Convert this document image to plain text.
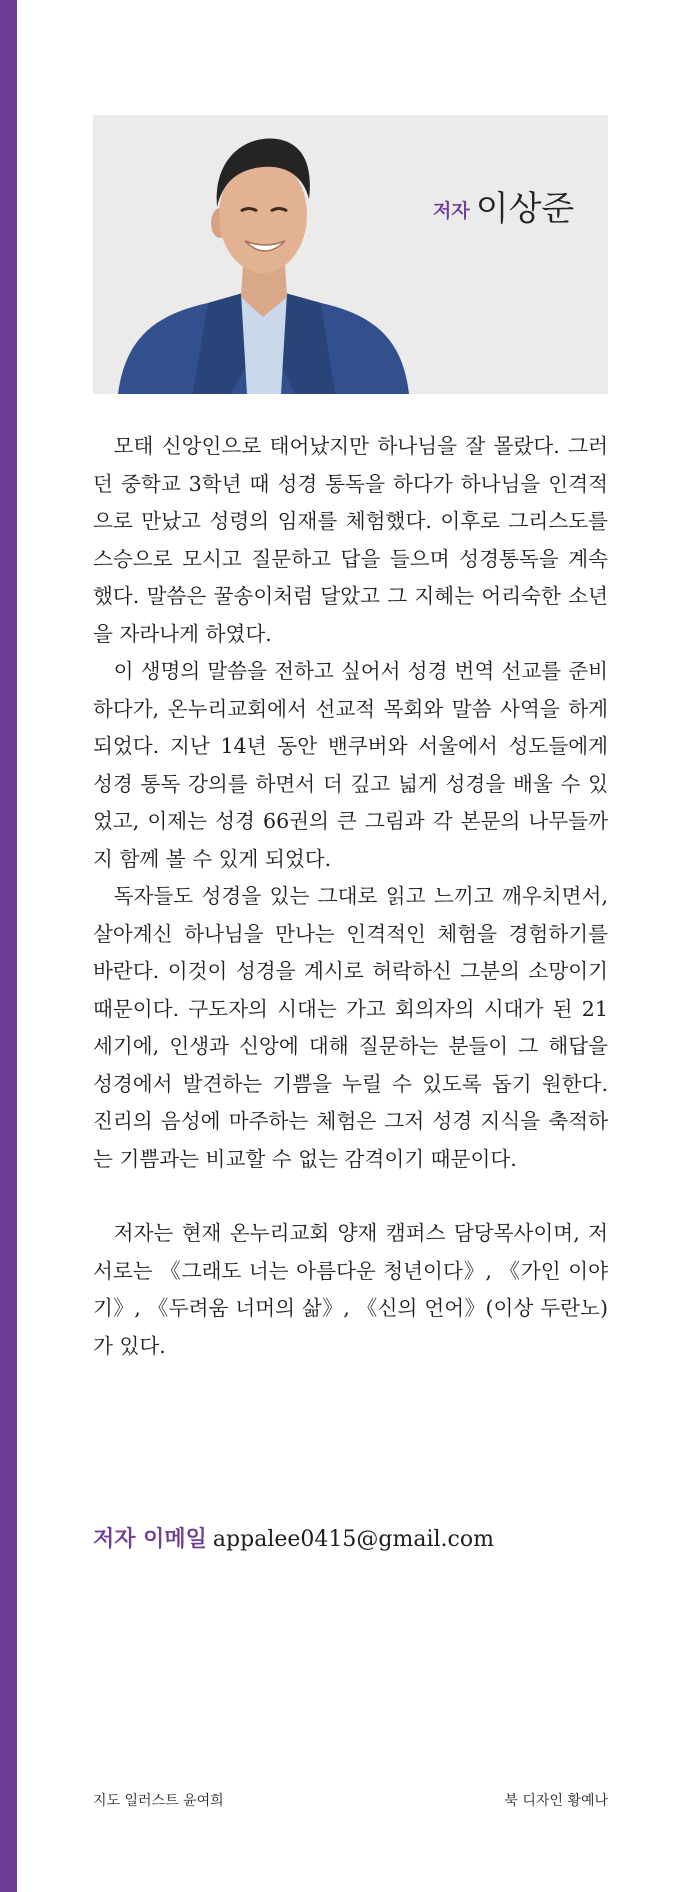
저자 이상준

모태 신앙인으로 태어났지만 하나님을 잘 몰랐다. 그러던 중학교 3학년 때 성경 통독을 하다가 하나님을 인격적으로 만났고 성령의 임재를 체험했다. 이후로 그리스도를 스승으로 모시고 질문하고 답을 들으며 성경통독을 계속했다. 말씀은 꿀송이처럼 달았고 그 지혜는 어리숙한 소년을 자라나게 하였다.

이 생명의 말씀을 전하고 싶어서 성경 번역 선교를 준비하다가, 온누리교회에서 선교적 목회와 말씀 사역을 하게 되었다. 지난 14년 동안 밴쿠버와 서울에서 성도들에게 성경 통독 강의를 하면서 더 깊고 넓게 성경을 배울 수 있었고, 이제는 성경 66권의 큰 그림과 각 본문의 나무들까지 함께 볼 수 있게 되었다.

독자들도 성경을 있는 그대로 읽고 느끼고 깨우치면서, 살아계신 하나님을 만나는 인격적인 체험을 경험하기를 바란다. 이것이 성경을 계시로 허락하신 그분의 소망이기 때문이다. 구도자의 시대는 가고 회의자의 시대가 된 21세기에, 인생과 신앙에 대해 질문하는 분들이 그 해답을 성경에서 발견하는 기쁨을 누릴 수 있도록 돕기 원한다. 진리의 음성에 마주하는 체험은 그저 성경 지식을 축적하는 기쁨과는 비교할 수 없는 감격이기 때문이다.

저자는 현재 온누리교회 양재 캠퍼스 담당목사이며, 저서로는 《그래도 너는 아름다운 청년이다》, 《가인 이야기》, 《두려움 너머의 삶》, 《신의 언어》(이상 두란노)가 있다.

저자 이메일 appalee0415@gmail.com
지도 일러스트 윤여희	북 디자인 황예나
